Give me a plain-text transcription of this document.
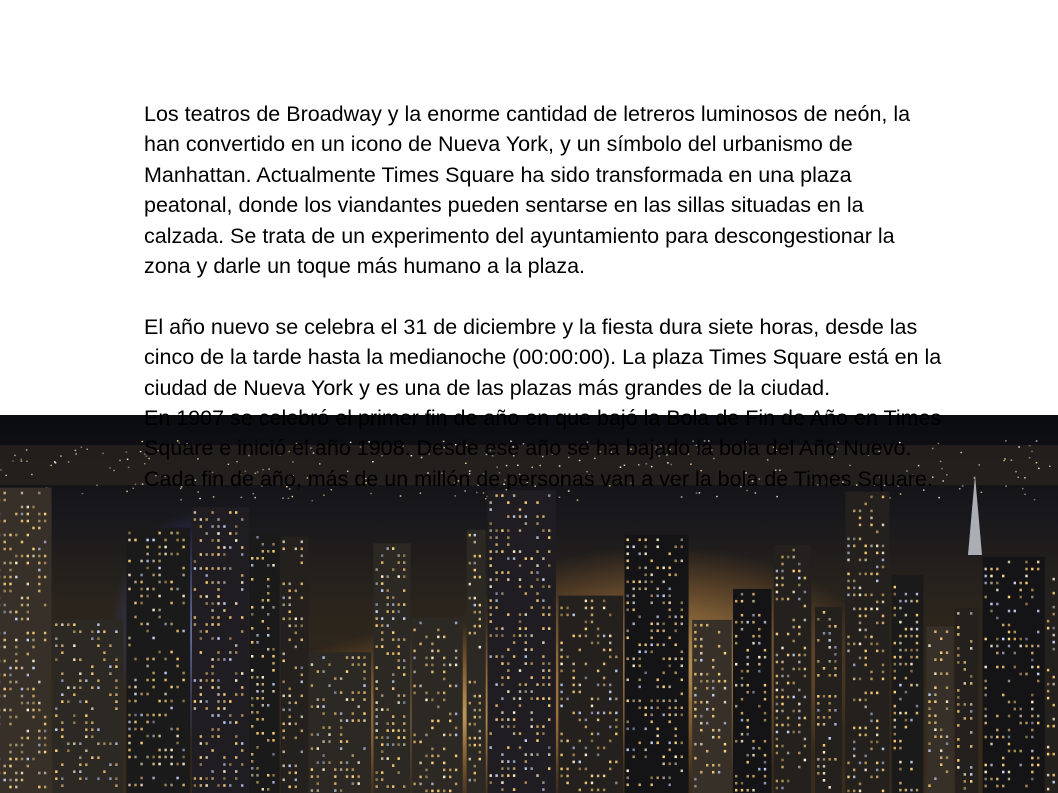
Los teatros de Broadway y la enorme cantidad de letreros luminosos de neón, la han convertido en un icono de Nueva York, y un símbolo del urbanismo de Manhattan. Actualmente Times Square ha sido transformada en una plaza peatonal, donde los viandantes pueden sentarse en las sillas situadas en la calzada. Se trata de un experimento del ayuntamiento para descongestionar la zona y darle un toque más humano a la plaza.

El año nuevo se celebra el 31 de diciembre y la fiesta dura siete horas, desde las cinco de la tarde hasta la medianoche (00:00:00). La plaza Times Square está en la ciudad de Nueva York y es una de las plazas más grandes de la ciudad.

En 1907 se celebró el primer fin de año en que bajó la Bola de Fin de Año en Times Square e inició el año 1908. Desde ese año se ha bajado la bola del Año Nuevo. Cada fin de año, más de un millón de personas van a ver la bola de Times Square.
